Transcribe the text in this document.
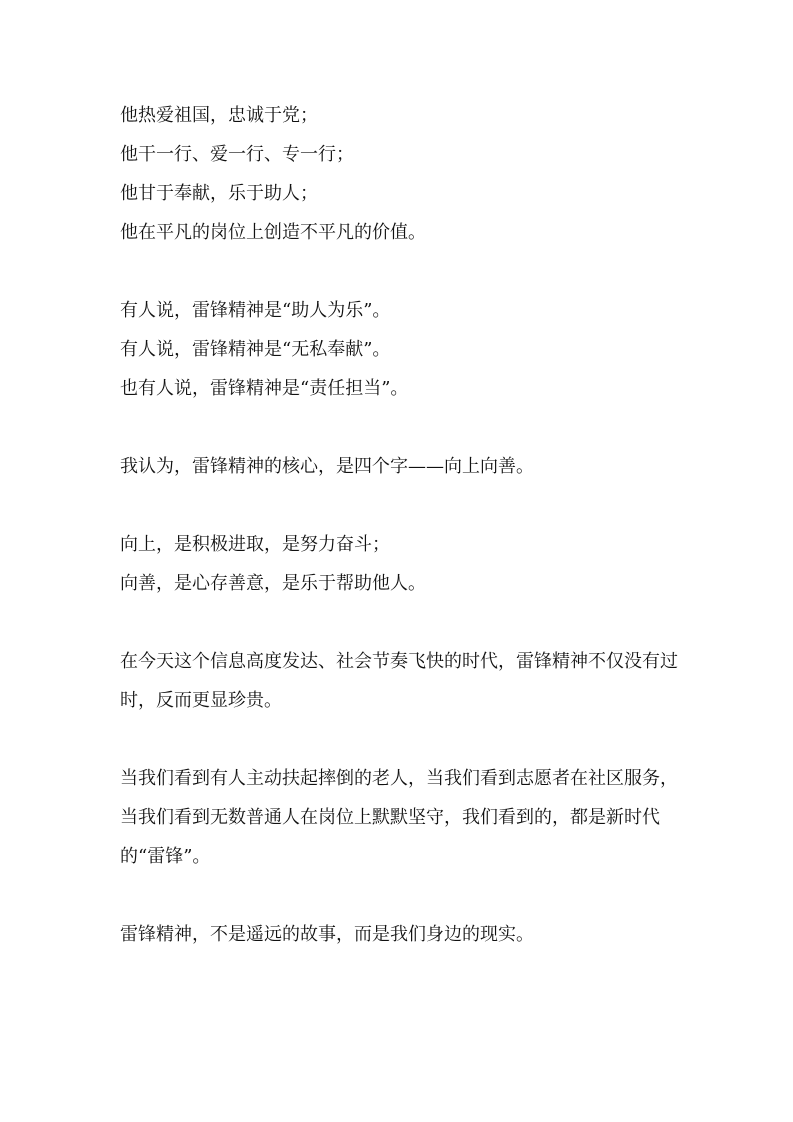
他热爱祖国，忠诚于党；
他干一行、爱一行、专一行；
他甘于奉献，乐于助人；
他在平凡的岗位上创造不平凡的价值。
有人说，雷锋精神是“助人为乐”。
有人说，雷锋精神是“无私奉献”。
也有人说，雷锋精神是“责任担当”。
我认为，雷锋精神的核心，是四个字——向上向善。
向上，是积极进取，是努力奋斗；
向善，是心存善意，是乐于帮助他人。

在今天这个信息高度发达、社会节奏飞快的时代，雷锋精神不仅没有过时，反而更显珍贵。

当我们看到有人主动扶起摔倒的老人，当我们看到志愿者在社区服务，当我们看到无数普通人在岗位上默默坚守，我们看到的，都是新时代的“雷锋”。

雷锋精神，不是遥远的故事，而是我们身边的现实。
